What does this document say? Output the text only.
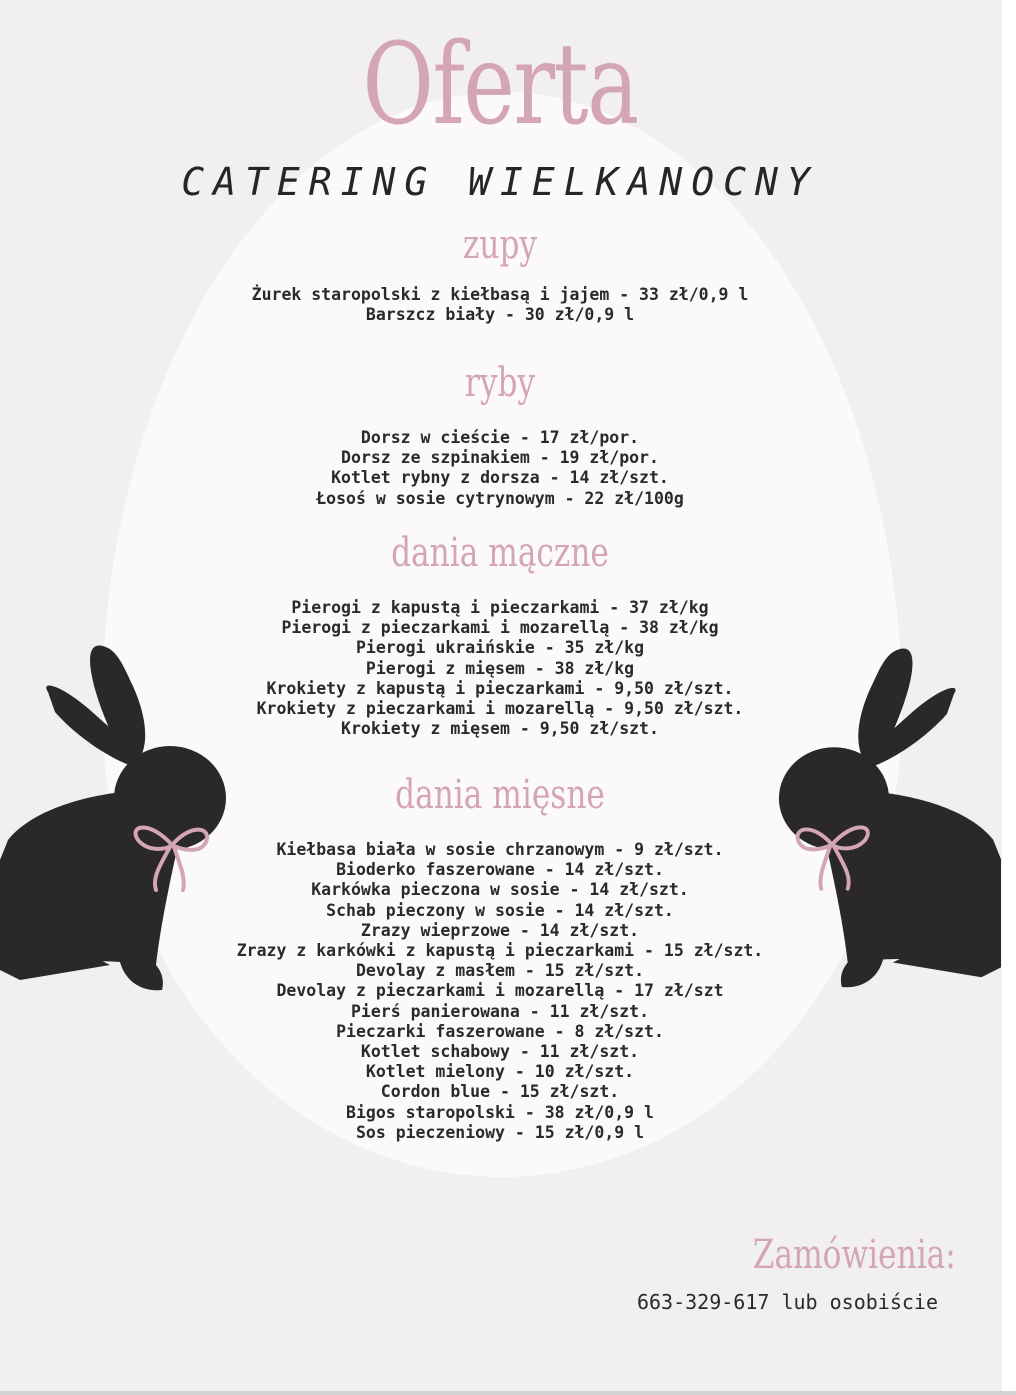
Oferta
CATERING WIELKANOCNY
zupy
Żurek staropolski z kiełbasą i jajem - 33 zł/0,9 l
Barszcz biały - 30 zł/0,9 l
ryby
Dorsz w cieście - 17 zł/por.
Dorsz ze szpinakiem - 19 zł/por.
Kotlet rybny z dorsza - 14 zł/szt.
Łosoś w sosie cytrynowym - 22 zł/100g
dania mączne
Pierogi z kapustą i pieczarkami - 37 zł/kg
Pierogi z pieczarkami i mozarellą - 38 zł/kg
Pierogi ukraińskie - 35 zł/kg
Pierogi z mięsem - 38 zł/kg
Krokiety z kapustą i pieczarkami - 9,50 zł/szt.
Krokiety z pieczarkami i mozarellą - 9,50 zł/szt.
Krokiety z mięsem - 9,50 zł/szt.
dania mięsne
Kiełbasa biała w sosie chrzanowym - 9 zł/szt.
Bioderko faszerowane - 14 zł/szt.
Karkówka pieczona w sosie - 14 zł/szt.
Schab pieczony w sosie - 14 zł/szt.
Zrazy wieprzowe - 14 zł/szt.
Zrazy z karkówki z kapustą i pieczarkami - 15 zł/szt.
Devolay z masłem - 15 zł/szt.
Devolay z pieczarkami i mozarellą - 17 zł/szt
Pierś panierowana - 11 zł/szt.
Pieczarki faszerowane - 8 zł/szt.
Kotlet schabowy - 11 zł/szt.
Kotlet mielony - 10 zł/szt.
Cordon blue - 15 zł/szt.
Bigos staropolski - 38 zł/0,9 l
Sos pieczeniowy - 15 zł/0,9 l
Zamówienia:
663-329-617 lub osobiście
